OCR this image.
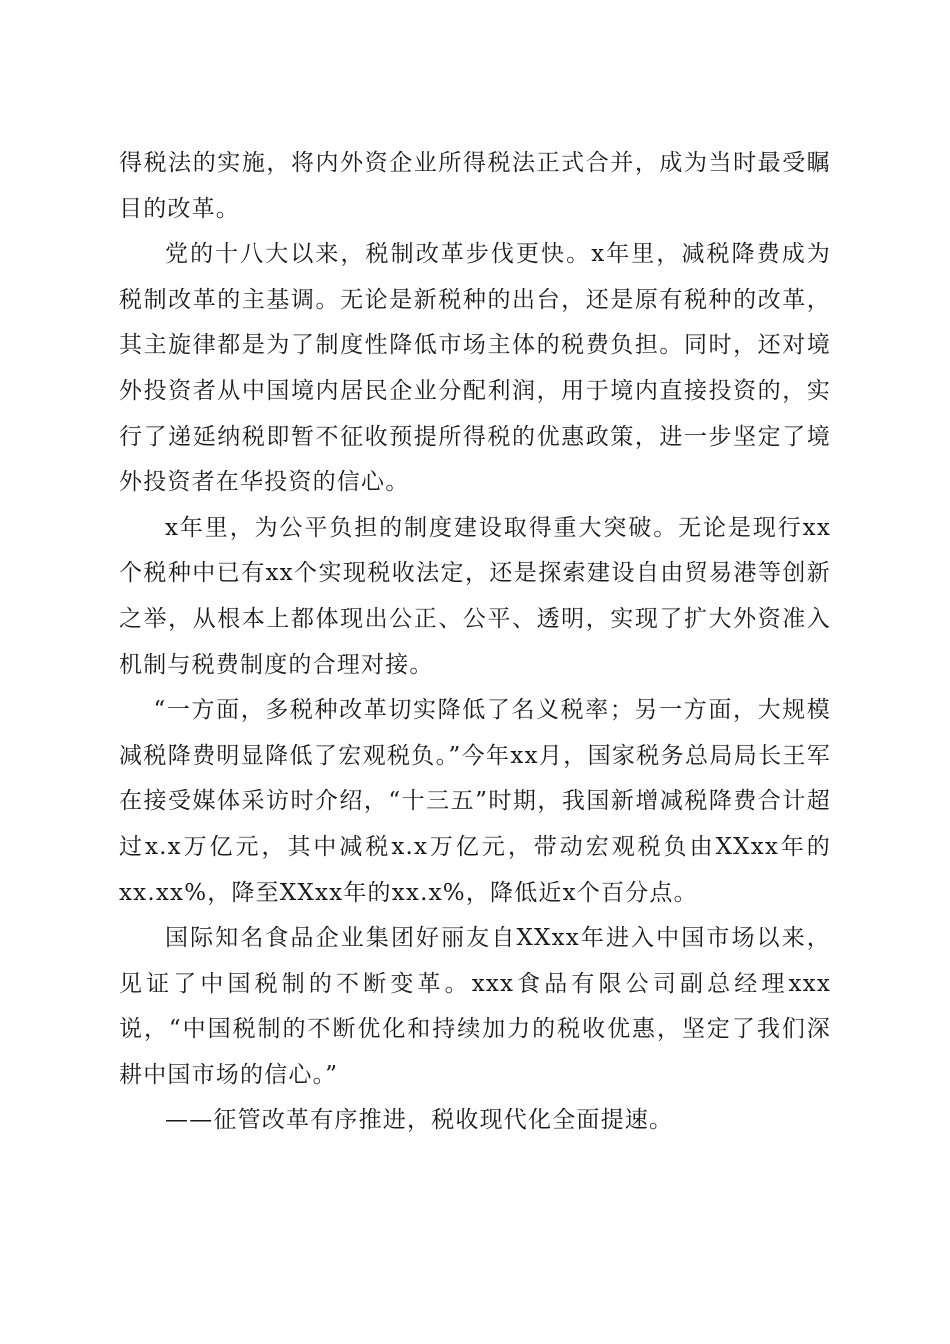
得税法的实施，将内外资企业所得税法正式合并，成为当时最受瞩目的改革。

党的十八大以来，税制改革步伐更快。x年里，减税降费成为税制改革的主基调。无论是新税种的出台，还是原有税种的改革，其主旋律都是为了制度性降低市场主体的税费负担。同时，还对境外投资者从中国境内居民企业分配利润，用于境内直接投资的，实行了递延纳税即暂不征收预提所得税的优惠政策，进一步坚定了境外投资者在华投资的信心。

x年里，为公平负担的制度建设取得重大突破。无论是现行xx个税种中已有xx个实现税收法定，还是探索建设自由贸易港等创新之举，从根本上都体现出公正、公平、透明，实现了扩大外资准入机制与税费制度的合理对接。

“一方面，多税种改革切实降低了名义税率；另一方面，大规模减税降费明显降低了宏观税负。”今年xx月，国家税务总局局长王军在接受媒体采访时介绍，“十三五”时期，我国新增减税降费合计超过x.x万亿元，其中减税x.x万亿元，带动宏观税负由XXxx年的xx.xx%，降至XXxx年的xx.x%，降低近x个百分点。

国际知名食品企业集团好丽友自XXxx年进入中国市场以来，见证了中国税制的不断变革。xxx食品有限公司副总经理xxx说，“中国税制的不断优化和持续加力的税收优惠，坚定了我们深耕中国市场的信心。”

——征管改革有序推进，税收现代化全面提速。
